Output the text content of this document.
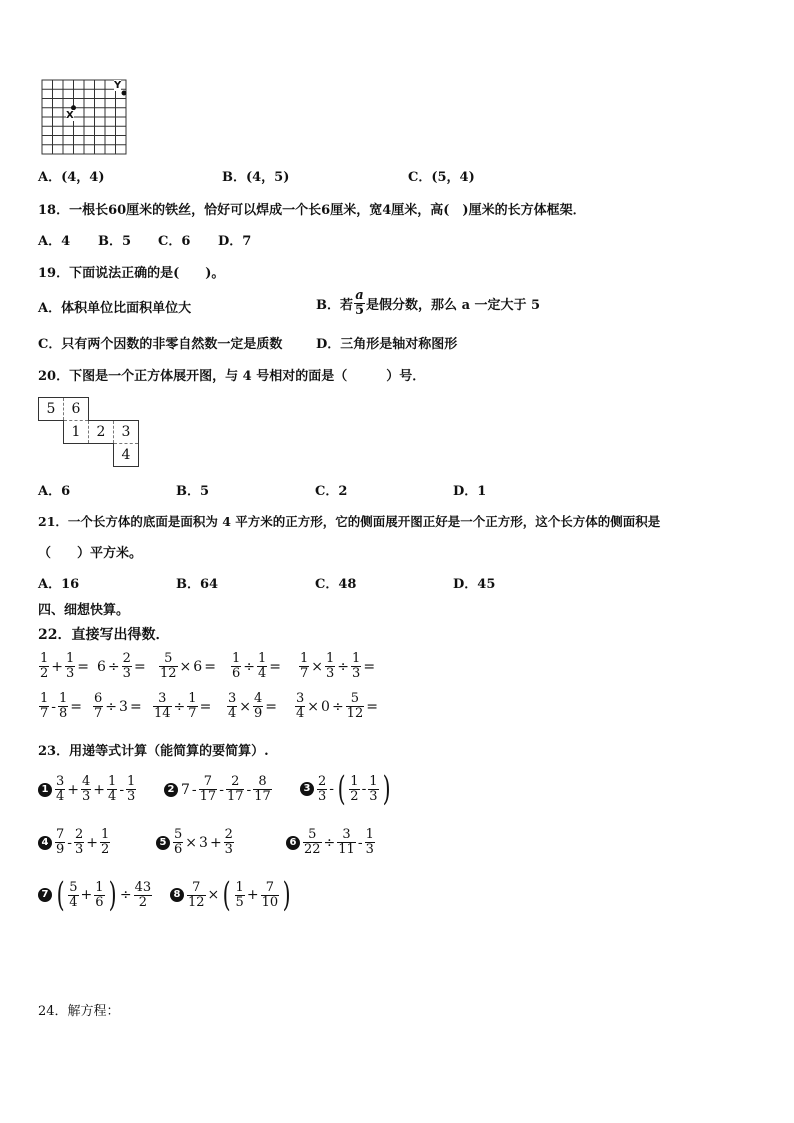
X
Y
A．(4，4)	B．(4，5)	C．(5，4)
18．一根长60厘米的铁丝，恰好可以焊成一个长6厘米，宽4厘米，高(　)厘米的长方体框架．
A．4 B．5 C．6 D．7
19．下面说法正确的是(　　)。
A．体积单位比面积单位大	B．若 $\frac{a}{5}$ 是假分数，那么 a 一定大于 5
C．只有两个因数的非零自然数一定是质数	D．三角形是轴对称图形
20．下图是一个正方体展开图，与 4 号相对的面是（　　　）号．
5	6		
	1	2	3
			4
A．6	B．5	C．2	D．1
21．一个长方体的底面是面积为 4 平方米的正方形，它的侧面展开图正好是一个正方形，这个长方体的侧面积是
（　　）平方米。
A．16	B．64	C．48	D．45
四、细想快算。
22．直接写出得数．
$\frac{1}{2} + \frac{1}{3} = 6 \div \frac{2}{3} = \frac{5}{12} \times 6 = \frac{1}{6} \div \frac{1}{4} = \frac{1}{7} \times \frac{1}{3} \div \frac{1}{3}$ =
$\frac{1}{7} - \frac{1}{8} = \frac{6}{7} \div 3 = \frac{3}{14} \div \frac{1}{7} = \frac{3}{4} \times \frac{4}{9} = \frac{3}{4} \times 0 \div \frac{5}{12}$ =
23．用递等式计算（能简算的要简算）.
$1 \frac{3}{4} + \frac{4}{3} + \frac{1}{4} - \frac{1}{3}$	2 $7 - \frac{7}{17} - \frac{2}{17} - \frac{8}{17}$	$3 \frac{2}{3}$ - ( $\frac{1}{2} - \frac{1}{3}$ )
$4 \frac{7}{9} - \frac{2}{3} + \frac{1}{2}$	$5 \frac{5}{6} \times 3 + \frac{2}{3}$	$6 \frac{5}{22} \div \frac{3}{11} - \frac{1}{3}$
7 ( $\frac{5}{4} + \frac{1}{6}$ ) ÷ $\frac{43}{2}$	$8 \frac{7}{12}$ × ( $\frac{1}{5} + \frac{7}{10}$ )
24．解方程：
